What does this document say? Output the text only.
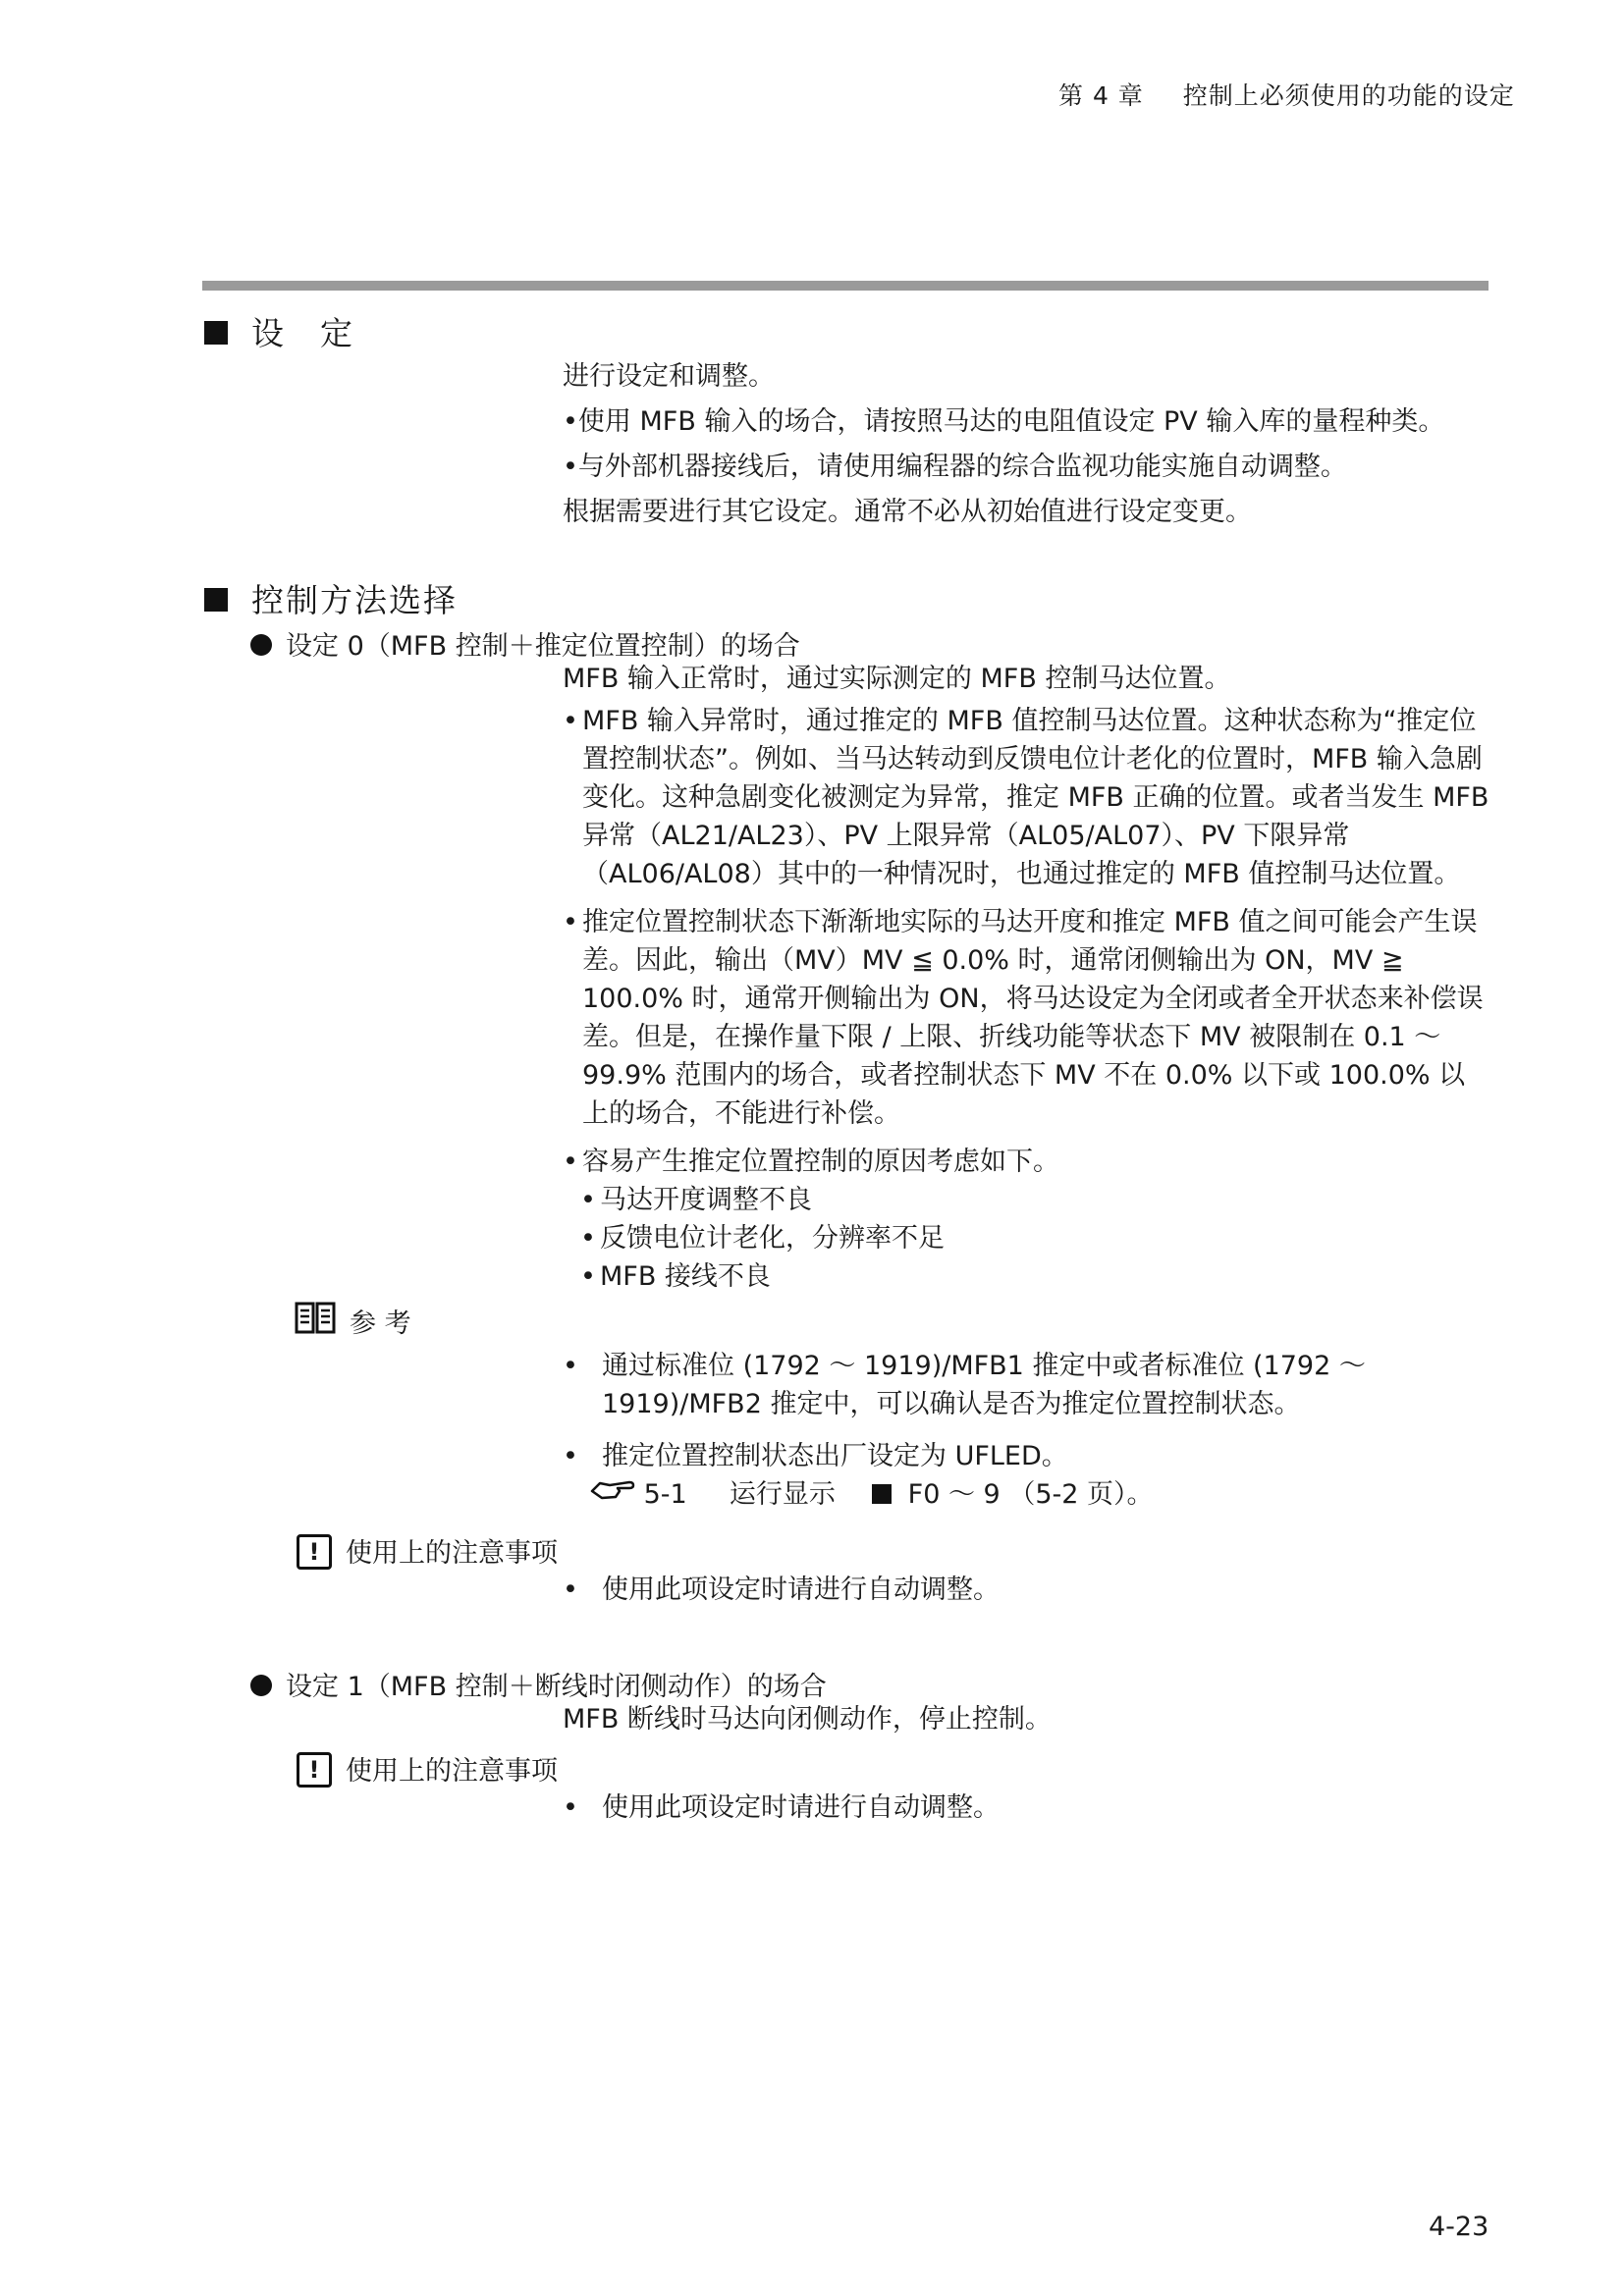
第 4 章 控制上必须使用的功能的设定
设　定

进行设定和调整。

•使用 MFB 输入的场合，请按照马达的电阻值设定 PV 输入库的量程种类。

•与外部机器接线后，请使用编程器的综合监视功能实施自动调整。

根据需要进行其它设定。通常不必从初始值进行设定变更。

控制方法选择
设定 0（MFB 控制＋推定位置控制）的场合

MFB 输入正常时，通过实际测定的 MFB 控制马达位置。

• MFB 输入异常时，通过推定的 MFB 值控制马达位置。这种状态称为“推定位置控制状态”。例如、当马达转动到反馈电位计老化的位置时，MFB 输入急剧变化。这种急剧变化被测定为异常，推定 MFB 正确的位置。或者当发生 MFB 异常（AL21/AL23）、PV 上限异常（AL05/AL07）、PV 下限异常（AL06/AL08）其中的一种情况时，也通过推定的 MFB 值控制马达位置。

• 推定位置控制状态下渐渐地实际的马达开度和推定 MFB 值之间可能会产生误差。因此，输出（MV）MV ≦ 0.0% 时，通常闭侧输出为 ON，MV ≧ 100.0% 时，通常开侧输出为 ON，将马达设定为全闭或者全开状态来补偿误差。但是，在操作量下限 / 上限、折线功能等状态下 MV 被限制在 0.1 ～ 99.9% 范围内的场合，或者控制状态下 MV 不在 0.0% 以下或 100.0% 以上的场合，不能进行补偿。

• 容易产生推定位置控制的原因考虑如下。

• 马达开度调整不良

• 反馈电位计老化，分辨率不足

• MFB 接线不良

参 考
• 通过标准位 (1792 ～ 1919)/MFB1 推定中或者标准位 (1792 ～ 1919)/MFB2 推定中，可以确认是否为推定位置控制状态。
• 推定位置控制状态出厂设定为 UFLED。
5-1 运行显示	F0 ～ 9 （5-2 页）。
! 使用上的注意事项
• 使用此项设定时请进行自动调整。
设定 1（MFB 控制＋断线时闭侧动作）的场合
MFB 断线时马达向闭侧动作，停止控制。
! 使用上的注意事项
• 使用此项设定时请进行自动调整。
4-23
